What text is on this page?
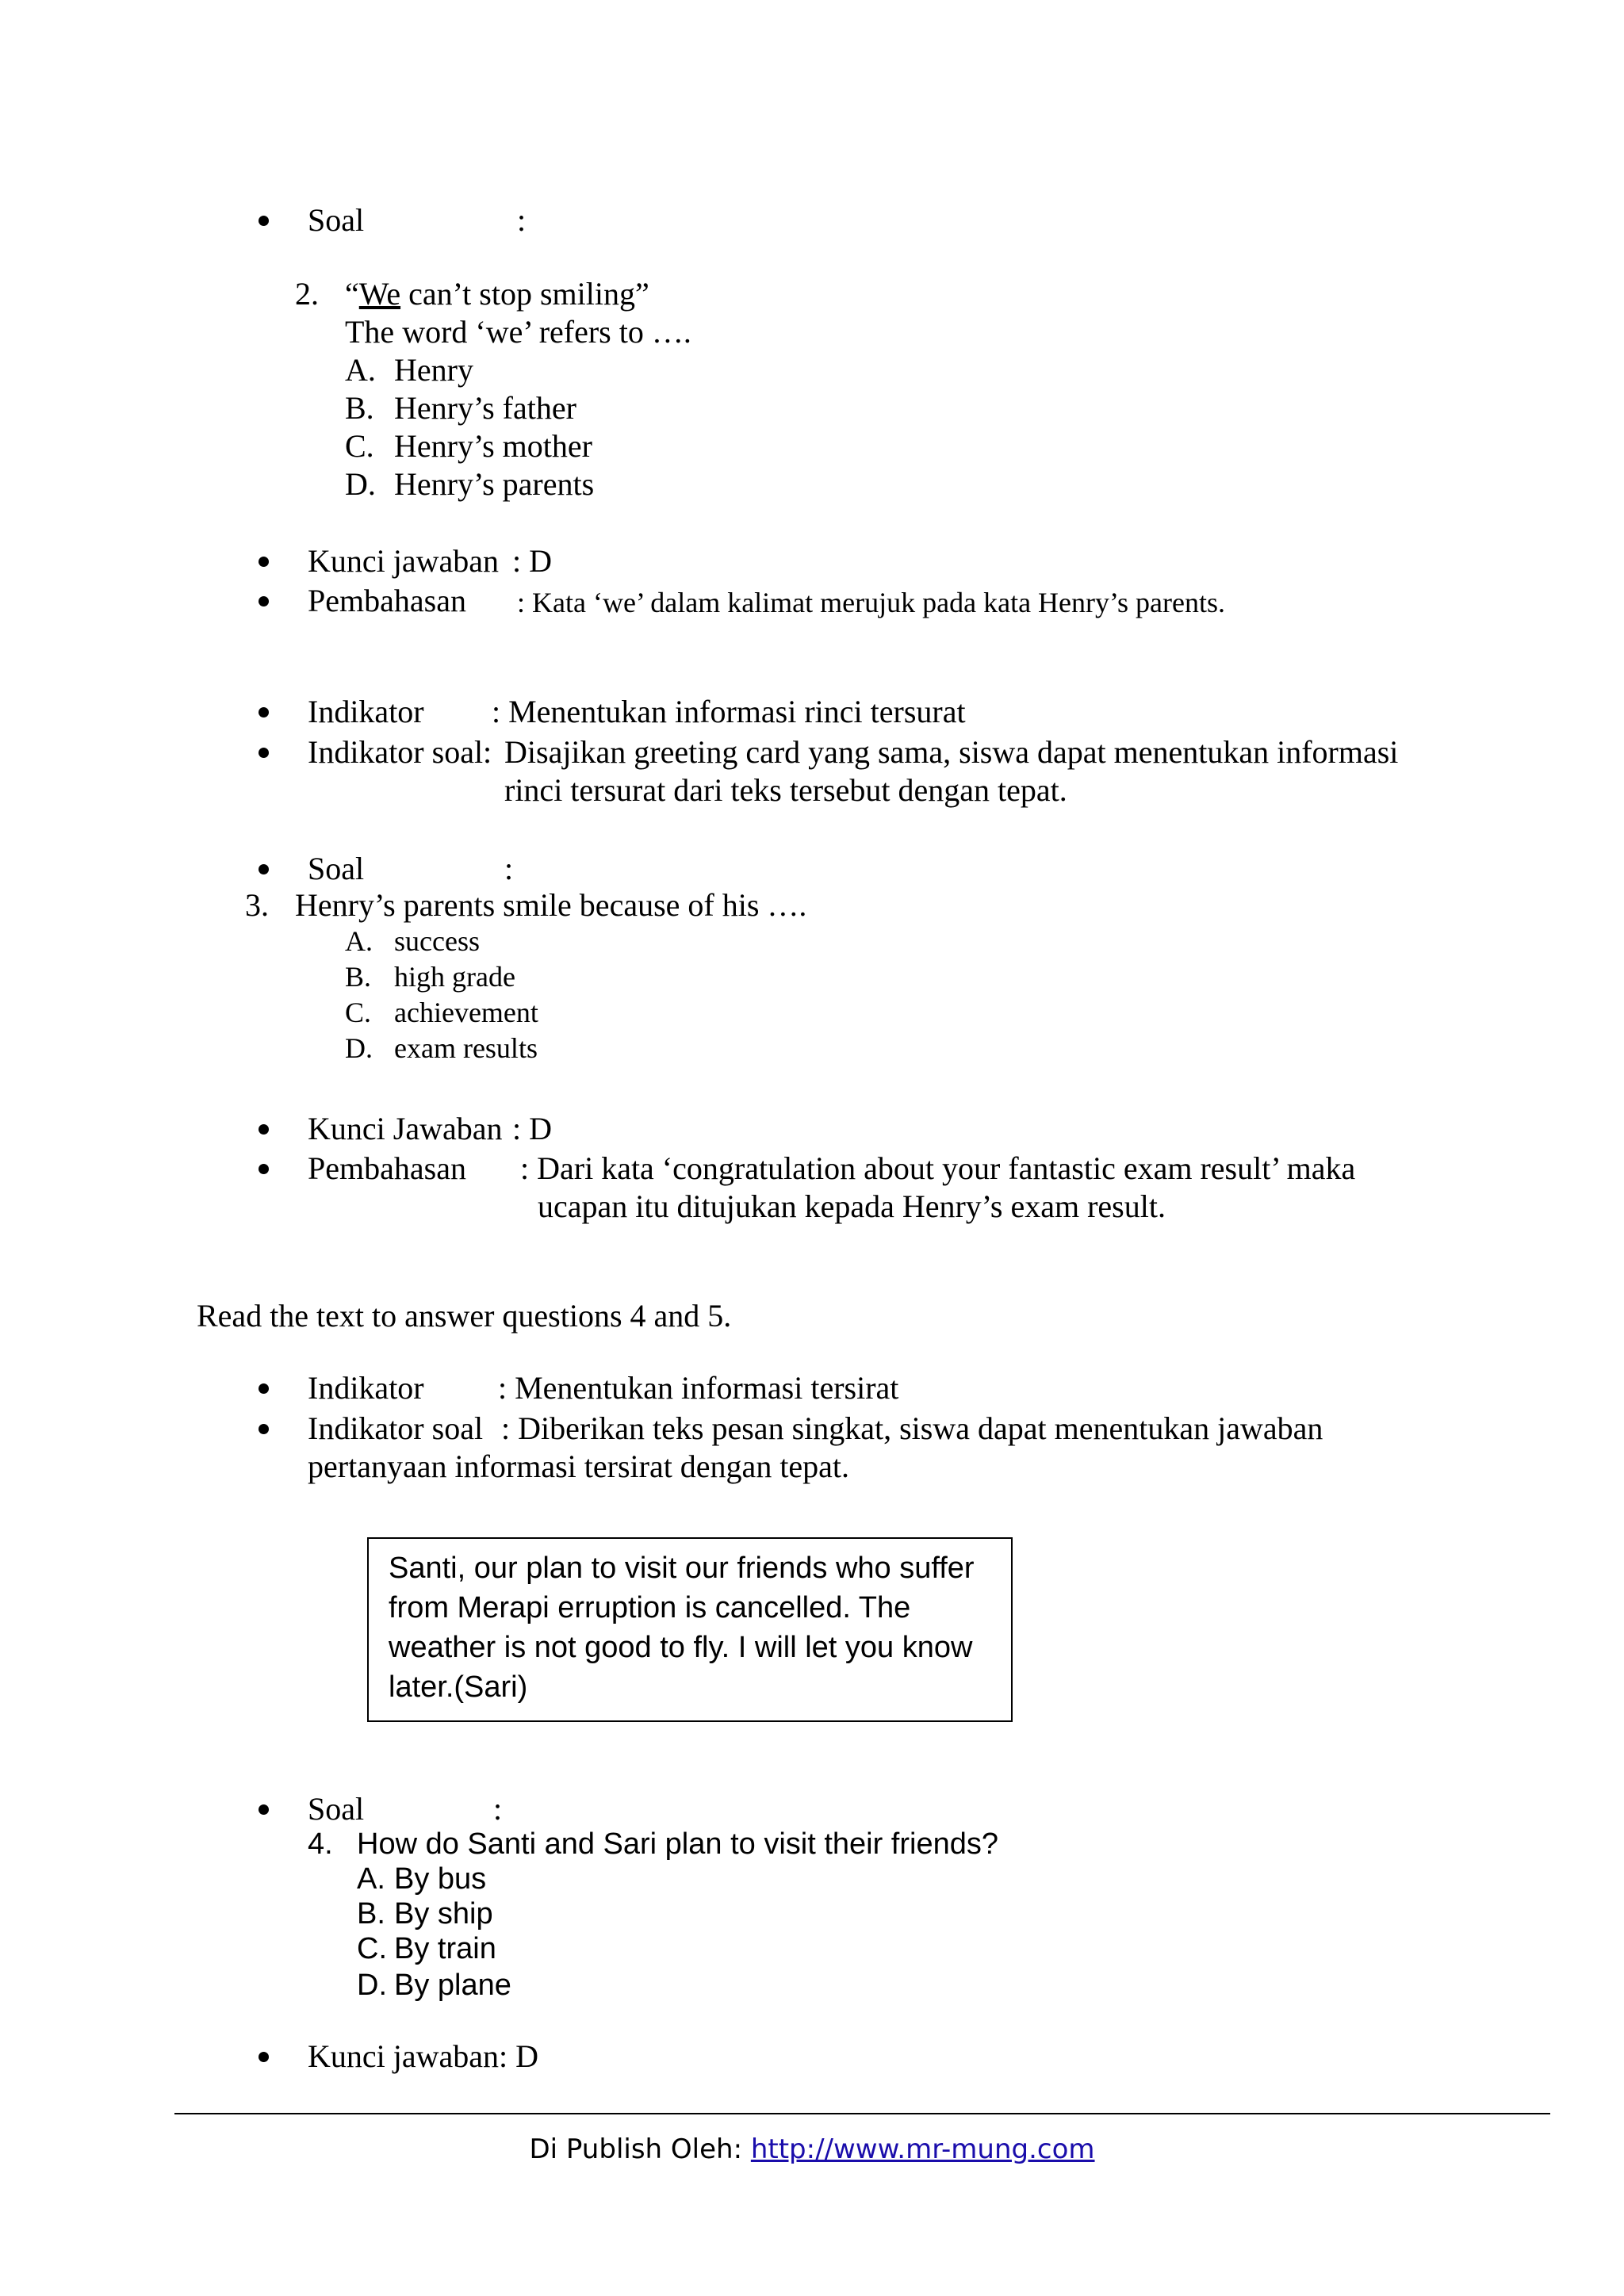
Soal	:
2. “We can’t stop smiling”
The word ‘we’ refers to ….
A. Henry
B. Henry’s father
C. Henry’s mother
D. Henry’s parents
Kunci jawaban : D
Pembahasan : Kata ‘we’ dalam kalimat merujuk pada kata Henry’s parents.
Indikator : Menentukan informasi rinci tersurat
Indikator soal: Disajikan greeting card yang sama, siswa dapat menentukan informasi
rinci tersurat dari teks tersebut dengan tepat.
Soal	:
3. Henry’s parents smile because of his ….
A. success
B. high grade
C. achievement
D. exam results
Kunci Jawaban : D
Pembahasan : Dari kata ‘congratulation about your fantastic exam result’ maka
ucapan itu ditujukan kepada Henry’s exam result.
Read the text to answer questions 4 and 5.
Indikator : Menentukan informasi tersirat
Indikator soal : Diberikan teks pesan singkat, siswa dapat menentukan jawaban
pertanyaan informasi tersirat dengan tepat.
Santi, our plan to visit our friends who suffer
from Merapi erruption is cancelled. The
weather is not good to fly. I will let you know
later.(Sari)
Soal	:
4. How do Santi and Sari plan to visit their friends?
A. By bus
B. By ship
C. By train
D. By plane
Kunci jawaban: D
Di Publish Oleh: http://www.mr-mung.com
